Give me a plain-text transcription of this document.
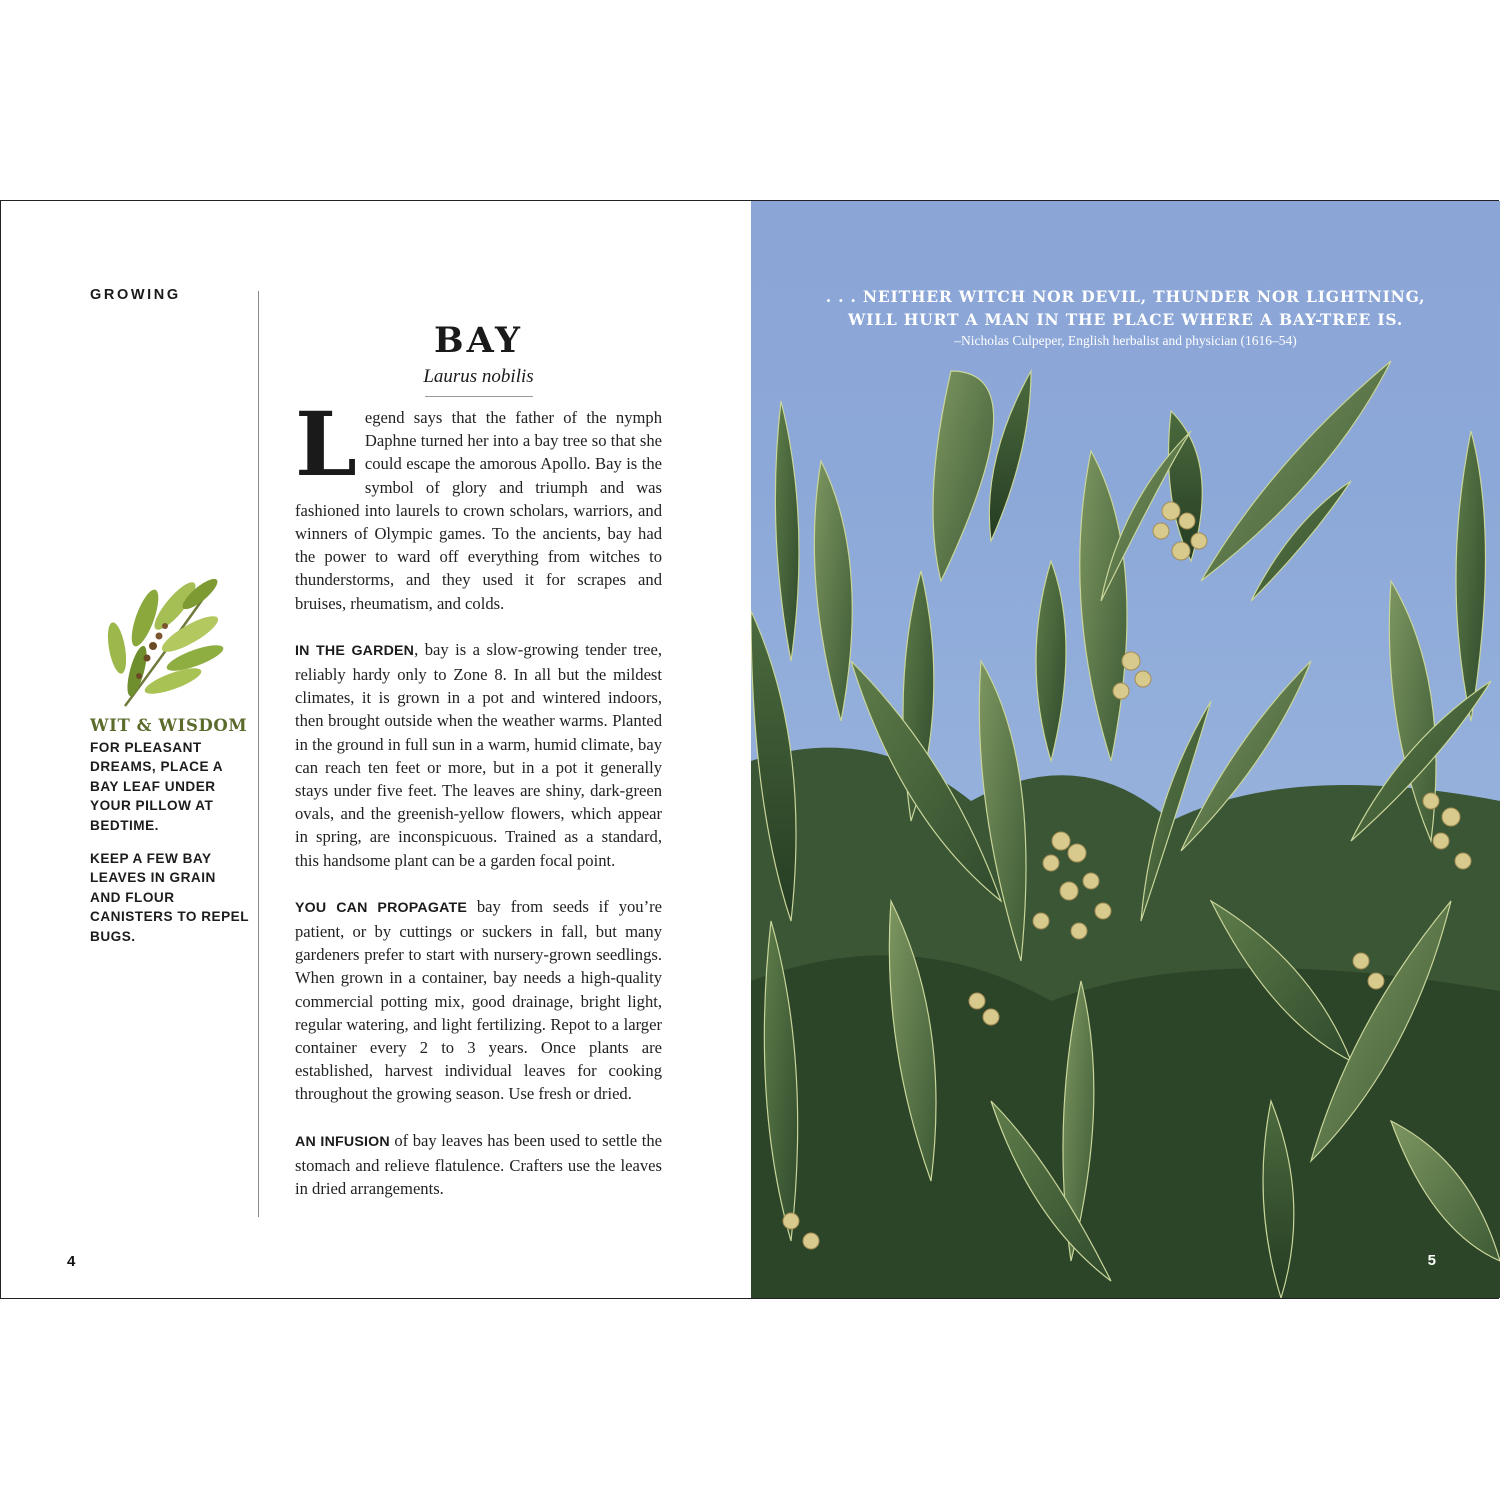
GROWING
WIT & WISDOM
FOR PLEASANT DREAMS, PLACE A BAY LEAF UNDER YOUR PILLOW AT BEDTIME.
KEEP A FEW BAY LEAVES IN GRAIN AND FLOUR CANISTERS TO REPEL BUGS.
BAY
Laurus nobilis

Legend says that the father of the nymph Daphne turned her into a bay tree so that she could escape the amorous Apollo. Bay is the symbol of glory and triumph and was fashioned into laurels to crown scholars, warriors, and winners of Olympic games. To the ancients, bay had the power to ward off everything from witches to thunderstorms, and they used it for scrapes and bruises, rheumatism, and colds.

IN THE GARDEN, bay is a slow-growing tender tree, reliably hardy only to Zone 8. In all but the mildest climates, it is grown in a pot and wintered indoors, then brought outside when the weather warms. Planted in the ground in full sun in a warm, humid climate, bay can reach ten feet or more, but in a pot it generally stays under five feet. The leaves are shiny, dark-green ovals, and the greenish-yellow flowers, which appear in spring, are inconspicuous. Trained as a standard, this handsome plant can be a garden focal point.

YOU CAN PROPAGATE bay from seeds if you’re patient, or by cuttings or suckers in fall, but many gardeners prefer to start with nursery-grown seedlings. When grown in a container, bay needs a high-quality commercial potting mix, good drainage, bright light, regular watering, and light fertilizing. Repot to a larger container every 2 to 3 years. Once plants are established, harvest individual leaves for cooking throughout the growing season. Use fresh or dried.

AN INFUSION of bay leaves has been used to settle the stomach and relieve flatulence. Crafters use the leaves in dried arrangements.

4
. . . NEITHER WITCH NOR DEVIL, THUNDER NOR LIGHTNING,
WILL HURT A MAN IN THE PLACE WHERE A BAY-TREE IS.
–Nicholas Culpeper, English herbalist and physician (1616–54)
5
